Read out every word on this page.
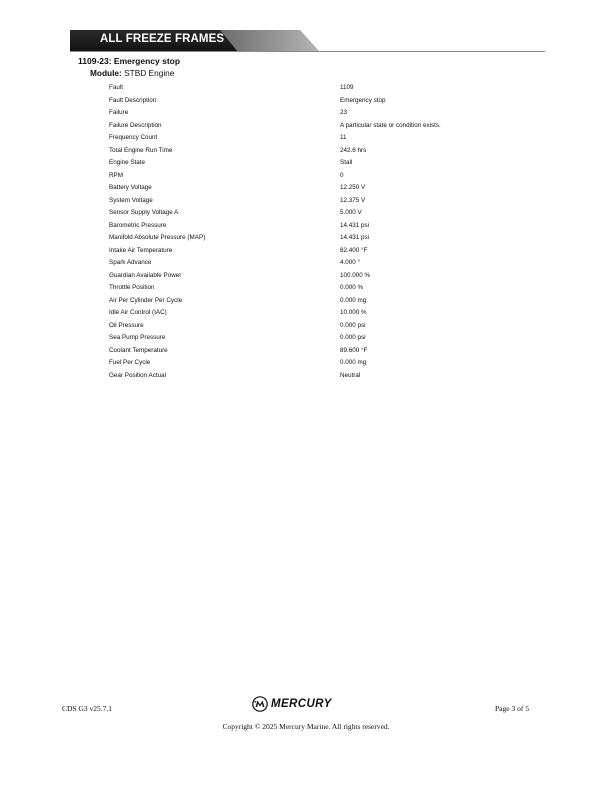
ALL FREEZE FRAMES
1109-23: Emergency stop
Module: STBD Engine
Fault	1109
Fault Description	Emergency stop
Failure	23
Failure Description	A particular state or condition exists.
Frequency Count	11
Total Engine Run Time	242.6 hrs
Engine State	Stall
RPM	0
Battery Voltage	12.250 V
System Voltage	12.375 V
Sensor Supply Voltage A	5.000 V
Barometric Pressure	14.431 psi
Manifold Absolute Pressure (MAP)	14.431 psi
Intake Air Temperature	82.400 °F
Spark Advance	4.000 °
Guardian Available Power	100.000 %
Throttle Position	0.000 %
Air Per Cylinder Per Cycle	0.000 mg
Idle Air Control (IAC)	10.000 %
Oil Pressure	0.000 psi
Sea Pump Pressure	0.000 psi
Coolant Temperature	89.600 °F
Fuel Per Cycle	0.000 mg
Gear Position Actual	Neutral
CDS G3 v25.7.1	MERCURY	Page 3 of 5
Copyright © 2025 Mercury Marine. All rights reserved.
